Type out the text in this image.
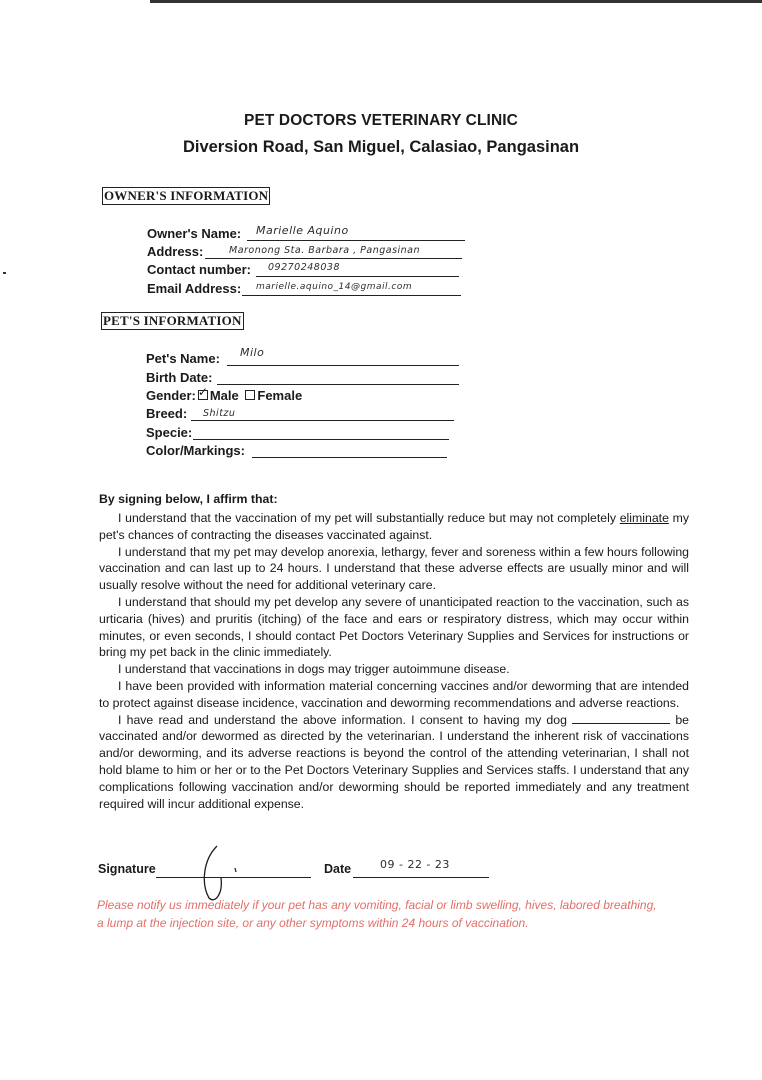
PET DOCTORS VETERINARY CLINIC
Diversion Road, San Miguel, Calasiao, Pangasinan
OWNER'S INFORMATION
Owner's Name: Marielle Aquino
Address:	Maronong Sta. Barbara , Pangasinan
Contact number: 09270248038
Email Address: marielle.aquino_14@gmail.com
PET'S INFORMATION
Pet's Name: Milo
Birth Date:
Gender: ✓ Male Female
Breed: Shitzu
Specie:
Color/Markings:
By signing below, I affirm that:

I understand that the vaccination of my pet will substantially reduce but may not completely eliminate my pet's chances of contracting the diseases vaccinated against.

I understand that my pet may develop anorexia, lethargy, fever and soreness within a few hours following vaccination and can last up to 24 hours. I understand that these adverse effects are usually minor and will usually resolve without the need for additional veterinary care.

I understand that should my pet develop any severe of unanticipated reaction to the vaccination, such as urticaria (hives) and pruritis (itching) of the face and ears or respiratory distress, which may occur within minutes, or even seconds, I should contact Pet Doctors Veterinary Supplies and Services for instructions or bring my pet back in the clinic immediately.

I understand that vaccinations in dogs may trigger autoimmune disease.

I have been provided with information material concerning vaccines and/or deworming that are intended to protect against disease incidence, vaccination and deworming recommendations and adverse reactions.

I have read and understand the above information. I consent to having my dog	be vaccinated and/or dewormed as directed by the veterinarian. I understand the inherent risk of vaccinations and/or deworming, and its adverse reactions is beyond the control of the attending veterinarian, I shall not hold blame to him or her or to the Pet Doctors Veterinary Supplies and Services staffs. I understand that any complications following vaccination and/or deworming should be reported immediately and any treatment required will incur additional expense.

Signature	Date	09 - 22 - 23
Please notify us immediately if your pet has any vomiting, facial or limb swelling, hives, labored breathing, a lump at the injection site, or any other symptoms within 24 hours of vaccination.
